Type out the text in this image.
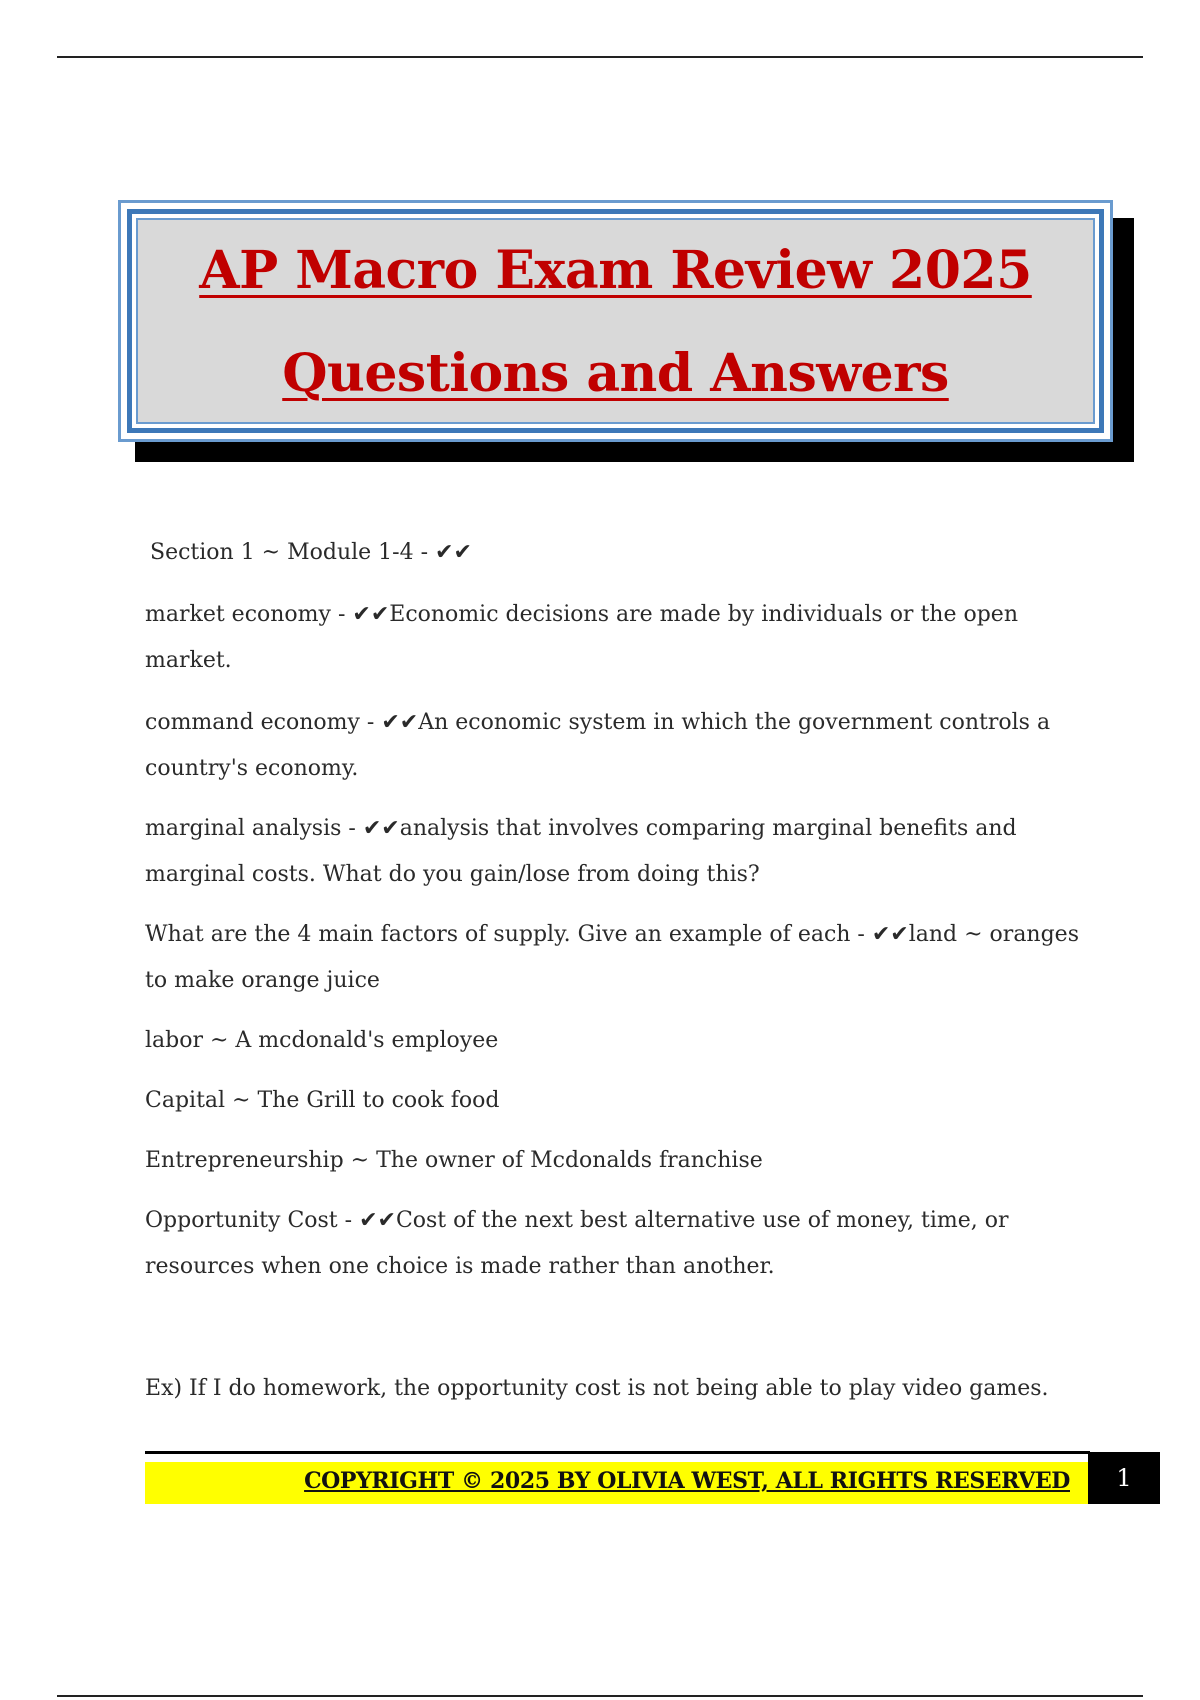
AP Macro Exam Review 2025
Questions and Answers

Section 1 ~ Module 1-4 - ✔✔

market economy - ✔✔Economic decisions are made by individuals or the open market.

command economy - ✔✔An economic system in which the government controls a country's economy.

marginal analysis - ✔✔analysis that involves comparing marginal benefits and marginal costs. What do you gain/lose from doing this?

What are the 4 main factors of supply. Give an example of each - ✔✔land ~ oranges to make orange juice

labor ~ A mcdonald's employee

Capital ~ The Grill to cook food

Entrepreneurship ~ The owner of Mcdonalds franchise

Opportunity Cost - ✔✔Cost of the next best alternative use of money, time, or resources when one choice is made rather than another.

Ex) If I do homework, the opportunity cost is not being able to play video games.

COPYRIGHT © 2025 BY OLIVIA WEST, ALL RIGHTS RESERVED	1
